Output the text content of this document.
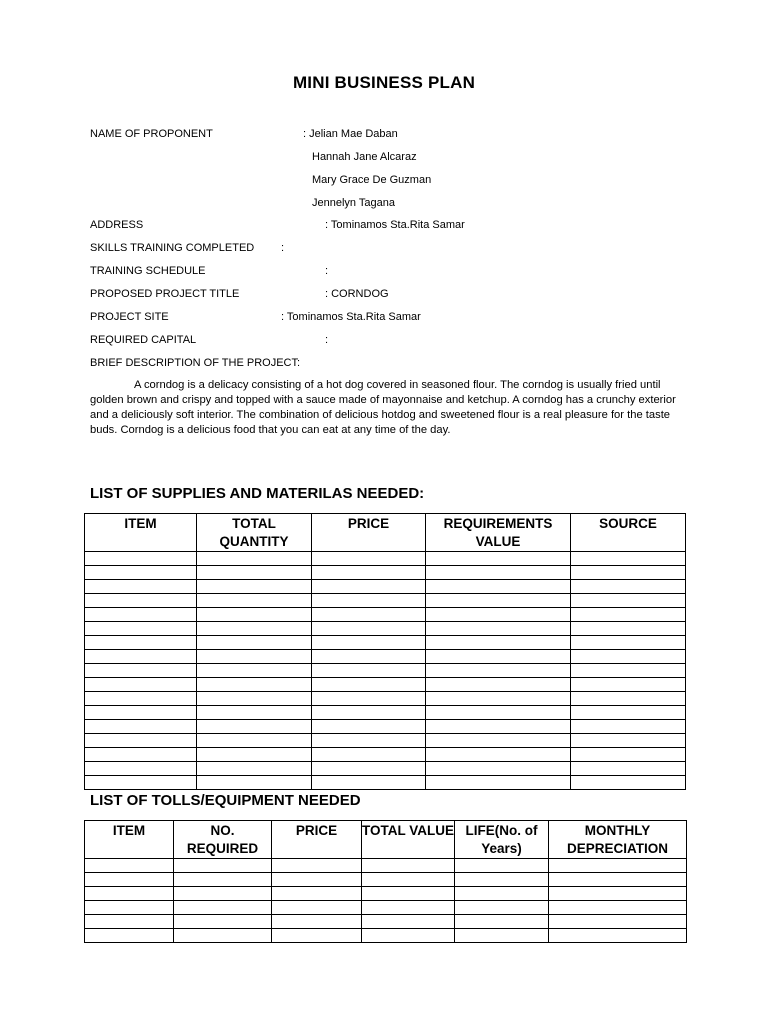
MINI BUSINESS PLAN
NAME OF PROPONENT	: Jelian Mae Daban
Hannah Jane Alcaraz
Mary Grace De Guzman
Jennelyn Tagana
ADDRESS	: Tominamos Sta.Rita Samar
SKILLS TRAINING COMPLETED :
TRAINING SCHEDULE	:
PROPOSED PROJECT TITLE	: CORNDOG
PROJECT SITE	: Tominamos Sta.Rita Samar
REQUIRED CAPITAL	:
BRIEF DESCRIPTION OF THE PROJECT:
A corndog is a delicacy consisting of a hot dog covered in seasoned flour. The corndog is usually fried until golden brown and crispy and topped with a sauce made of mayonnaise and ketchup. A corndog has a crunchy exterior and a deliciously soft interior. The combination of delicious hotdog and sweetened flour is a real pleasure for the taste buds. Corndog is a delicious food that you can eat at any time of the day.
LIST OF SUPPLIES AND MATERILAS NEEDED:
ITEM	TOTAL QUANTITY	PRICE	REQUIREMENTS VALUE	SOURCE

LIST OF TOLLS/EQUIPMENT NEEDED
ITEM	NO. REQUIRED	PRICE	TOTAL VALUE	LIFE(No. of Years)	MONTHLY DEPRECIATION
